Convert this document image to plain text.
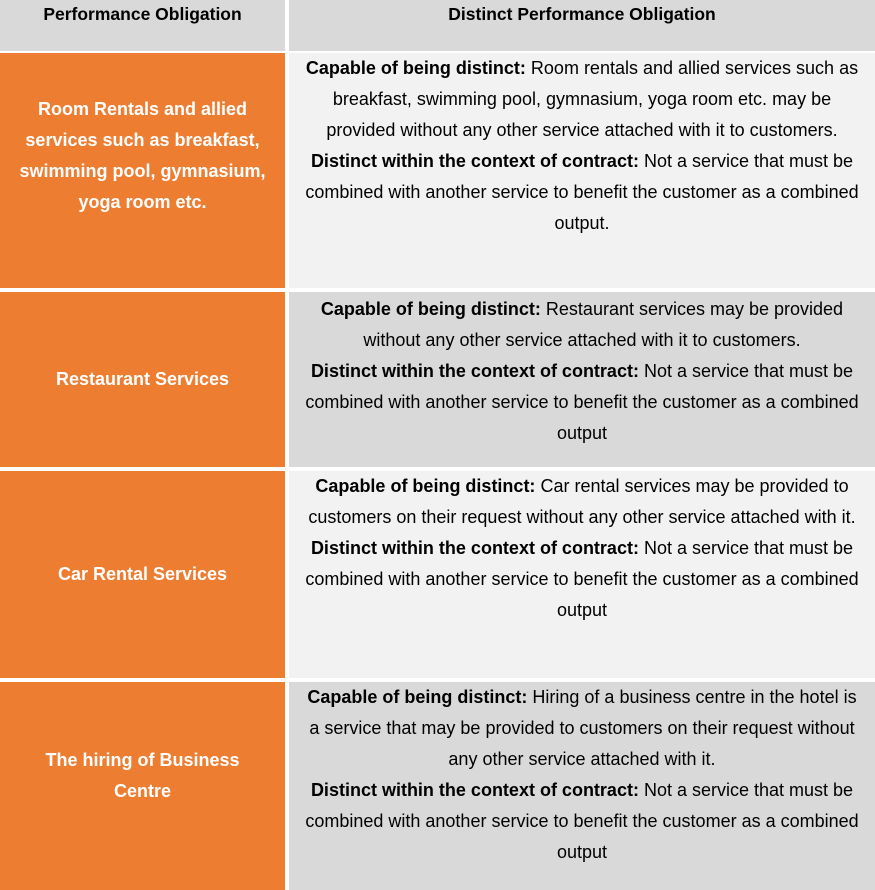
Performance Obligation	Distinct Performance Obligation
Room Rentals and allied services such as breakfast, swimming pool, gymnasium, yoga room etc.
Capable of being distinct: Room rentals and allied services such as breakfast, swimming pool, gymnasium, yoga room etc. may be provided without any other service attached with it to customers.
Distinct within the context of contract: Not a service that must be combined with another service to benefit the customer as a combined output.
Restaurant Services
Capable of being distinct: Restaurant services may be provided without any other service attached with it to customers.
Distinct within the context of contract: Not a service that must be combined with another service to benefit the customer as a combined output
Car Rental Services
Capable of being distinct: Car rental services may be provided to customers on their request without any other service attached with it.
Distinct within the context of contract: Not a service that must be combined with another service to benefit the customer as a combined output
The hiring of Business Centre
Capable of being distinct: Hiring of a business centre in the hotel is a service that may be provided to customers on their request without any other service attached with it.
Distinct within the context of contract: Not a service that must be combined with another service to benefit the customer as a combined output
